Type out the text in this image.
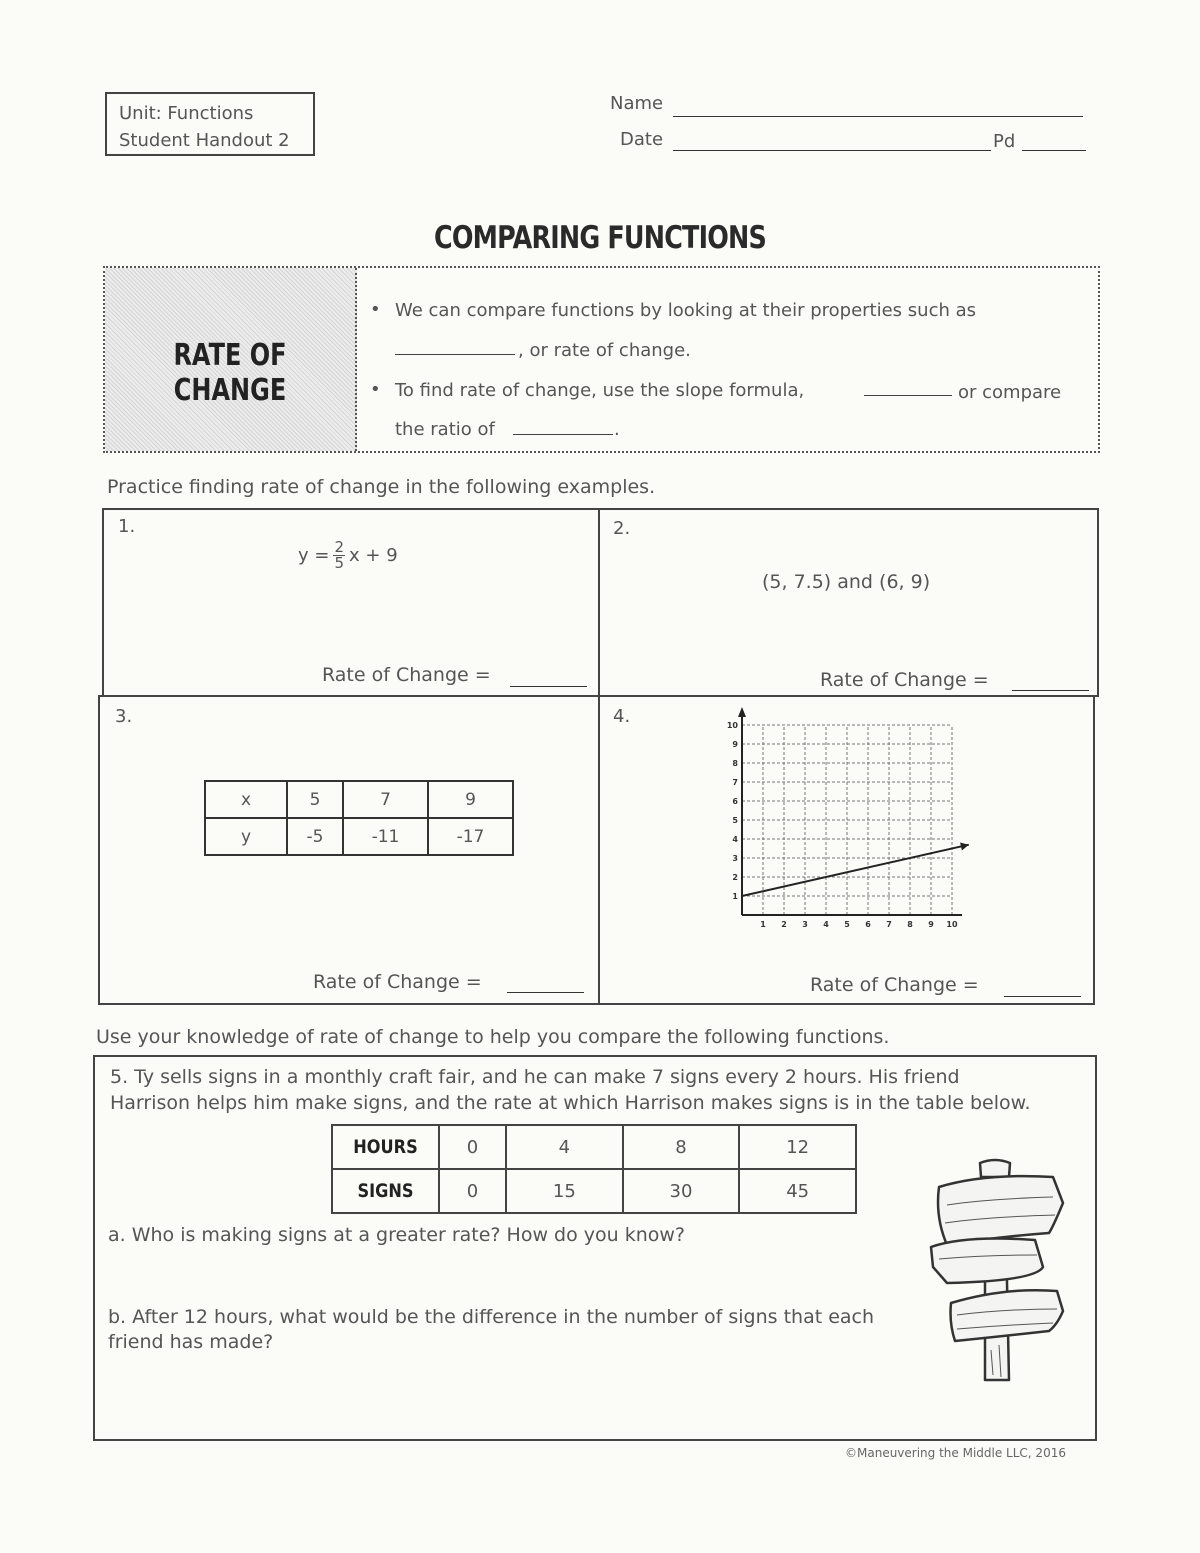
Unit: Functions
Student Handout 2
Name
Date	Pd
COMPARING FUNCTIONS
RATE OF CHANGE
• We can compare functions by looking at their properties such as
, or rate of change.
• To find rate of change, use the slope formula,	or compare
the ratio of	.
Practice finding rate of change in the following examples.
1.
$y = \frac{2}{5}$ x + 9
Rate of Change =
2.
(5, 7.5) and (6, 9)
Rate of Change =
3.
x	5	7	9
y	-5	-11	-17
Rate of Change =
4.
1 2 3 4 5 6 7 8 9 10
1
2
3
4
5
6
7
8
9
10
Rate of Change =
Use your knowledge of rate of change to help you compare the following functions.
5. Ty sells signs in a monthly craft fair, and he can make 7 signs every 2 hours. His friend
Harrison helps him make signs, and the rate at which Harrison makes signs is in the table below.
HOURS	0	4	8	12
SIGNS	0	15	30	45
a. Who is making signs at a greater rate? How do you know?
b. After 12 hours, what would be the difference in the number of signs that each
friend has made?
©Maneuvering the Middle LLC, 2016
